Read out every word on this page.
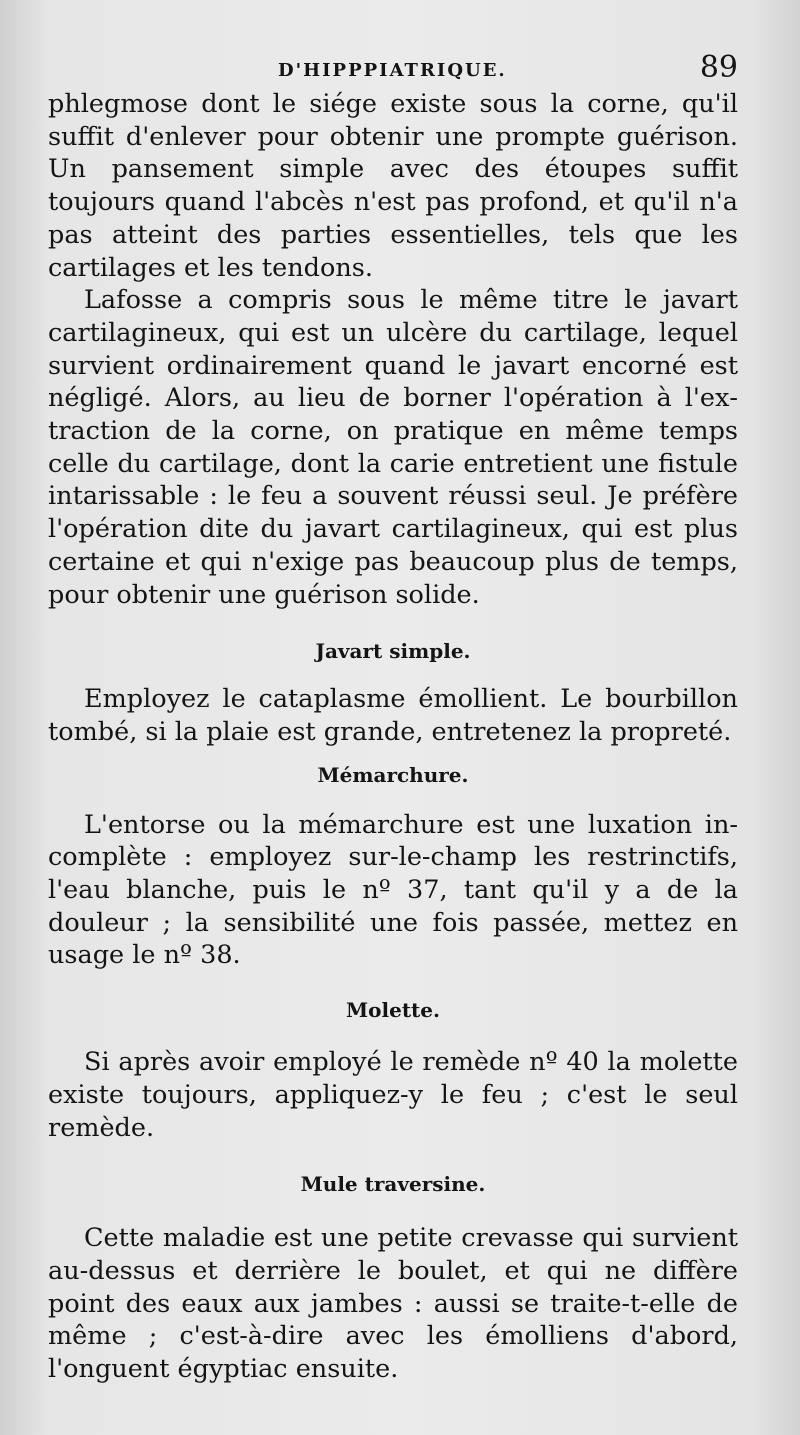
D'HIPPPIATRIQUE.	89

phlegmose dont le siége existe sous la corne, qu'il suffit d'enlever pour obtenir une prompte guérison. Un pansement simple avec des étoupes suffit toujours quand l'abcès n'est pas profond, et qu'il n'a pas atteint des parties essentielles, tels que les cartilages et les tendons.

Lafosse a compris sous le même titre le javart cartilagineux, qui est un ulcère du cartilage, lequel survient ordinairement quand le javart encorné est négligé. Alors, au lieu de borner l'opération à l'extraction de la corne, on pratique en même temps celle du cartilage, dont la carie entretient une fistule intarissable : le feu a souvent réussi seul. Je préfère l'opération dite du javart cartilagineux, qui est plus certaine et qui n'exige pas beaucoup plus de temps, pour obtenir une guérison solide.

Javart simple.

Employez le cataplasme émollient. Le bourbillon tombé, si la plaie est grande, entretenez la propreté.

Mémarchure.

L'entorse ou la mémarchure est une luxation incomplète : employez sur-le-champ les restrinctifs, l'eau blanche, puis le nº 37, tant qu'il y a de la douleur ; la sensibilité une fois passée, mettez en usage le nº 38.

Molette.

Si après avoir employé le remède nº 40 la molette existe toujours, appliquez-y le feu ; c'est le seul remède.

Mule traversine.

Cette maladie est une petite crevasse qui survient au-dessus et derrière le boulet, et qui ne diffère point des eaux aux jambes : aussi se traite-t-elle de même ; c'est-à-dire avec les émolliens d'abord, l'onguent égyptiac ensuite.
